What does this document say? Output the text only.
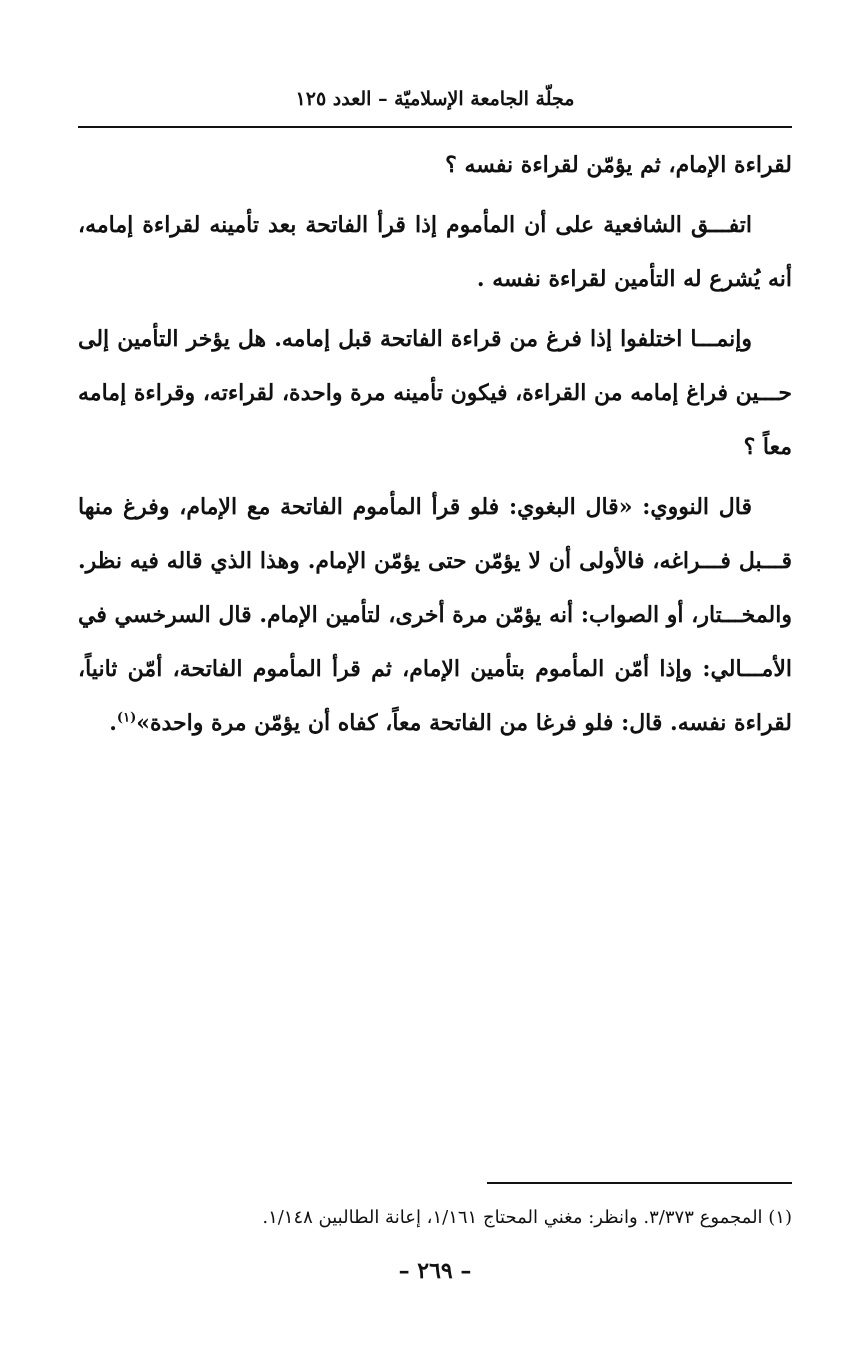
مجلّة الجامعة الإسلاميّة – العدد ١٢٥

لقراءة الإمام، ثم يؤمّن لقراءة نفسه ؟

اتفـــق الشافعية على أن المأموم إذا قرأ الفاتحة بعد تأمينه لقراءة إمامه، أنه يُشرع له التأمين لقراءة نفسه .

وإنمـــا اختلفوا إذا فرغ من قراءة الفاتحة قبل إمامه. هل يؤخر التأمين إلى حـــين فراغ إمامه من القراءة، فيكون تأمينه مرة واحدة، لقراءته، وقراءة إمامه معاً ؟

قال النووي: «قال البغوي: فلو قرأ المأموم الفاتحة مع الإمام، وفرغ منها قـــبل فـــراغه، فالأولى أن لا يؤمّن حتى يؤمّن الإمام. وهذا الذي قاله فيه نظر. والمخـــتار، أو الصواب: أنه يؤمّن مرة أخرى، لتأمين الإمام. قال السرخسي في الأمـــالي: وإذا أمّن المأموم بتأمين الإمام، ثم قرأ المأموم الفاتحة، أمّن ثانياً، لقراءة نفسه. قال: فلو فرغا من الفاتحة معاً، كفاه أن يؤمّن مرة واحدة»$^{(١)}$.

(١) المجموع ٣/٣٧٣. وانظر: مغني المحتاج ١/١٦١، إعانة الطالبين ١/١٤٨.
– ٢٦٩ –
